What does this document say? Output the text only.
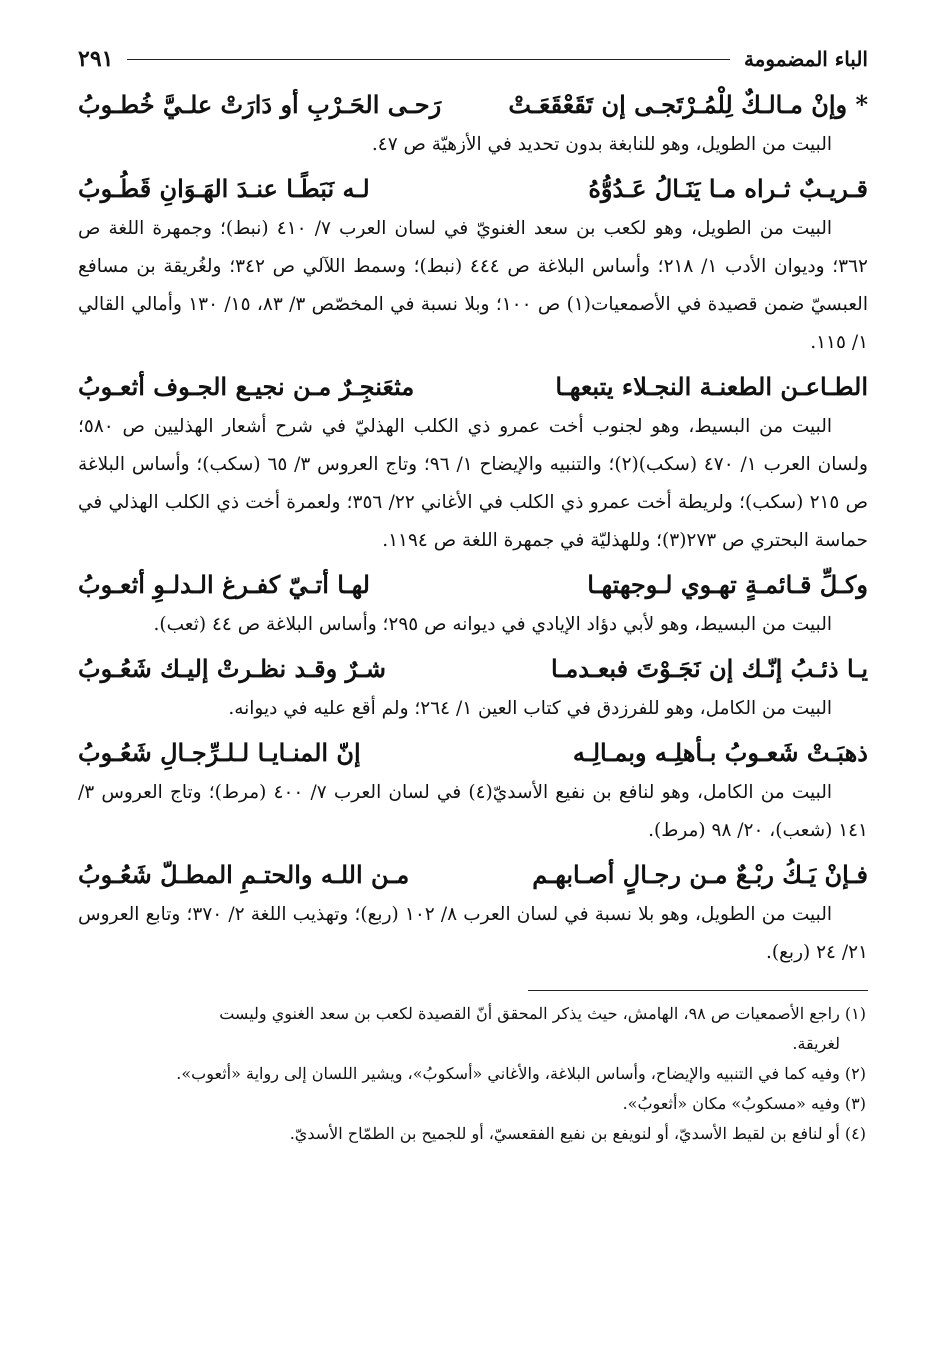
الباء المضمومة
٢٩١
* وإنْ مـالـكٌ لِلْمُـرْتَجـى إن تَقَعْقَعَـتْ
رَحـى الحَـرْبِ أو دَارَتْ علـيَّ خُطـوبُ

البيت من الطويل، وهو للنابغة بدون تحديد في الأزهيّة ص ٤٧.

قـريـبٌ ثـراه مـا يَنَـالُ عَـدُوُّهُ
لـه نَبَطًـا عنـدَ الهَـوَانِ قَطُـوبُ

البيت من الطويل، وهو لكعب بن سعد الغنويّ في لسان العرب ٧/ ٤١٠ (نبط)؛ وجمهرة اللغة ص ٣٦٢؛ وديوان الأدب ١/ ٢١٨؛ وأساس البلاغة ص ٤٤٤ (نبط)؛ وسمط اللآلي ص ٣٤٢؛ ولغُريقة بن مسافع العبسيّ ضمن قصيدة في الأصمعيات(١) ص ١٠٠؛ وبلا نسبة في المخصّص ٣/ ٨٣، ١٥/ ١٣٠ وأمالي القالي ١/ ١١٥.

الطـاعـن الطعنـة النجـلاء يتبعهـا
مثعَنجِـرٌ مـن نجيـع الجـوف أثعـوبُ

البيت من البسيط، وهو لجنوب أخت عمرو ذي الكلب الهذليّ في شرح أشعار الهذليين ص ٥٨٠؛ ولسان العرب ١/ ٤٧٠ (سكب)(٢)؛ والتنبيه والإيضاح ١/ ٩٦؛ وتاج العروس ٣/ ٦٥ (سكب)؛ وأساس البلاغة ص ٢١٥ (سكب)؛ ولريطة أخت عمرو ذي الكلب في الأغاني ٢٢/ ٣٥٦؛ ولعمرة أخت ذي الكلب الهذلي في حماسة البحتري ص ٢٧٣(٣)؛ وللهذليّة في جمهرة اللغة ص ١١٩٤.

وكـلِّ قـائمـةٍ تهـوي لـوجهتهـا
لهـا أتـيّ كفـرغ الـدلـوِ أثعـوبُ

البيت من البسيط، وهو لأبي دؤاد الإيادي في ديوانه ص ٢٩٥؛ وأساس البلاغة ص ٤٤ (ثعب).

يـا ذئـبُ إنّـك إن نَجَـوْتَ فبعـدمـا
شـرٌ وقـد نظـرتْ إليـك شَعُـوبُ

البيت من الكامل، وهو للفرزدق في كتاب العين ١/ ٢٦٤؛ ولم أقع عليه في ديوانه.

ذهبَـتْ شَعـوبُ بـأهلِـه وبمـالِـه
إنّ المنـايـا لـلـرِّجـالِ شَعُـوبُ

البيت من الكامل، وهو لنافع بن نفيع الأسديّ(٤) في لسان العرب ٧/ ٤٠٠ (مرط)؛ وتاج العروس ٣/ ١٤١ (شعب)، ٢٠/ ٩٨ (مرط).

فـإنْ يَـكُ ربْـعٌ مـن رجـالٍ أصـابهـم
مـن اللـه والحتـمِ المطـلّ شَعُـوبُ

البيت من الطويل، وهو بلا نسبة في لسان العرب ٨/ ١٠٢ (ربع)؛ وتهذيب اللغة ٢/ ٣٧٠؛ وتابع العروس ٢١/ ٢٤ (ربع).

(١) راجع الأصمعيات ص ٩٨، الهامش، حيث يذكر المحقق أنّ القصيدة لكعب بن سعد الغنوي وليست
لغريقة.
(٢) وفيه كما في التنبيه والإيضاح، وأساس البلاغة، والأغاني «أسكوبُ»، ويشير اللسان إلى رواية «أثعوب».
(٣) وفيه «مسكوبُ» مكان «أثعوبُ».
(٤) أو لنافع بن لقيط الأسديّ، أو لنويفع بن نفيع الفقعسيّ، أو للجميح بن الطمّاح الأسديّ.
